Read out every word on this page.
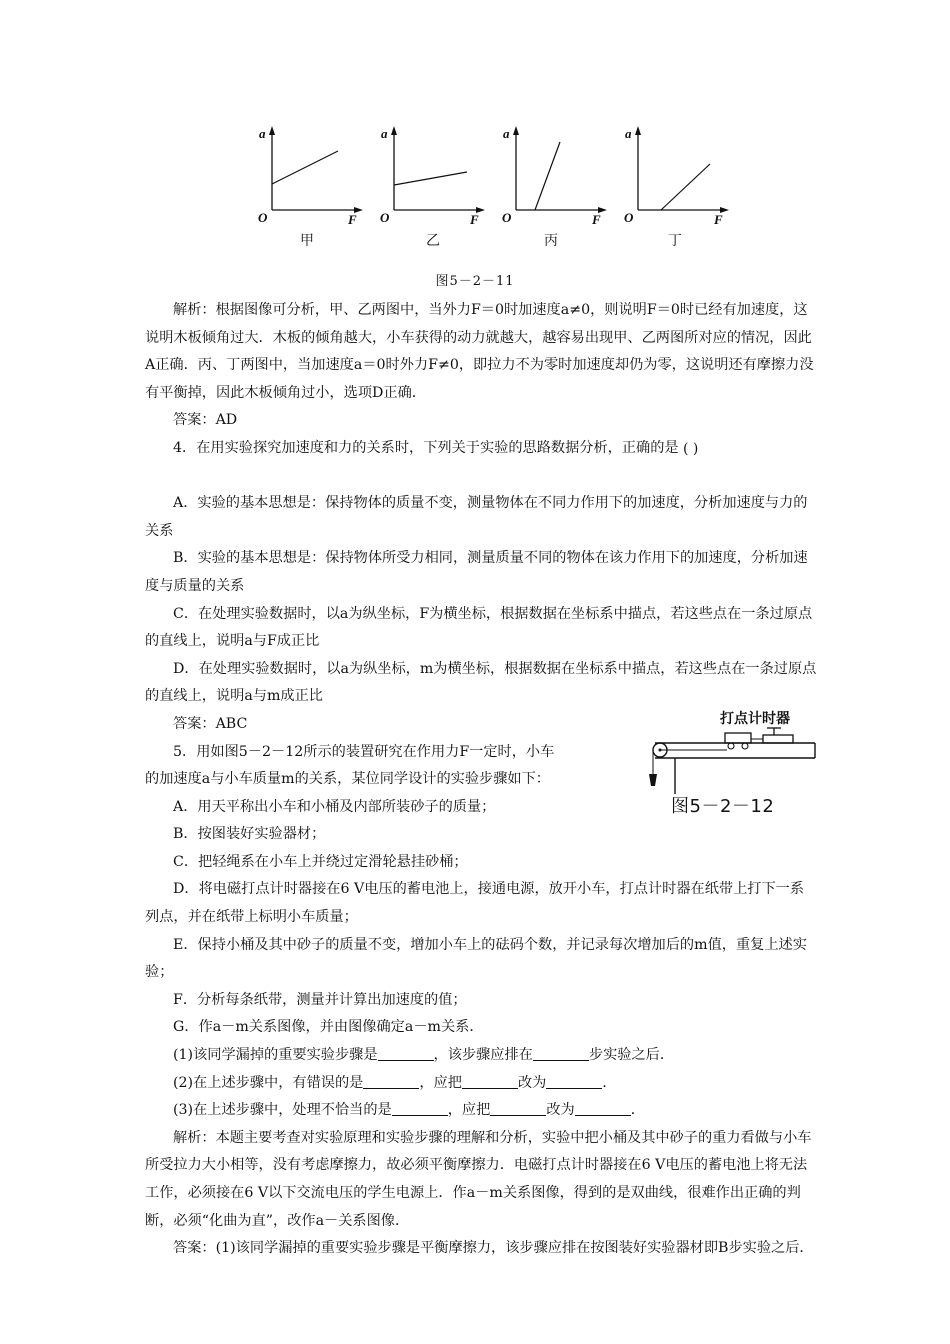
a
O	F
甲
a
O	F
乙
a
O	F
丙
a
O	F
丁
图5－2－11
( )

解析：根据图像可分析，甲、乙两图中，当外力F＝0时加速度a≠0，则说明F＝0时已经有加速度，这说明木板倾角过大．木板的倾角越大，小车获得的动力就越大，越容易出现甲、乙两图所对应的情况，因此A正确．丙、丁两图中，当加速度a＝0时外力F≠0，即拉力不为零时加速度却仍为零，这说明还有摩擦力没有平衡掉，因此木板倾角过小，选项D正确．

答案：AD

4．在用实验探究加速度和力的关系时，下列关于实验的思路数据分析，正确的是

A．实验的基本思想是：保持物体的质量不变，测量物体在不同力作用下的加速度，分析加速度与力的关系

B．实验的基本思想是：保持物体所受力相同，测量质量不同的物体在该力作用下的加速度，分析加速度与质量的关系

C．在处理实验数据时，以a为纵坐标，F为横坐标，根据数据在坐标系中描点，若这些点在一条过原点的直线上，说明a与F成正比

D．在处理实验数据时，以a为纵坐标，m为横坐标，根据数据在坐标系中描点，若这些点在一条过原点的直线上，说明a与m成正比

答案：ABC

5．用如图5－2－12所示的装置研究在作用力F一定时，小车

的加速度a与小车质量m的关系，某位同学设计的实验步骤如下：

A．用天平称出小车和小桶及内部所装砂子的质量；

B．按图装好实验器材；

C．把轻绳系在小车上并绕过定滑轮悬挂砂桶；

D．将电磁打点计时器接在6 V电压的蓄电池上，接通电源，放开小车，打点计时器在纸带上打下一系列点，并在纸带上标明小车质量；

E．保持小桶及其中砂子的质量不变，增加小车上的砝码个数，并记录每次增加后的m值，重复上述实验；

F．分析每条纸带，测量并计算出加速度的值；

G．作a－m关系图像，并由图像确定a－m关系．

(1)该同学漏掉的重要实验步骤是	，该步骤应排在	步实验之后．

(2)在上述步骤中，有错误的是	，应把	改为	．

(3)在上述步骤中，处理不恰当的是	，应把	改为	．

解析：本题主要考查对实验原理和实验步骤的理解和分析，实验中把小桶及其中砂子的重力看做与小车所受拉力大小相等，没有考虑摩擦力，故必须平衡摩擦力．电磁打点计时器接在6 V电压的蓄电池上将无法工作，必须接在6 V以下交流电压的学生电源上．作a－m关系图像，得到的是双曲线，很难作出正确的判断，必须“化曲为直”，改作a－关系图像．

答案：(1)该同学漏掉的重要实验步骤是平衡摩擦力，该步骤应排在按图装好实验器材即B步实验之后．

打点计时器
图5－2－12
